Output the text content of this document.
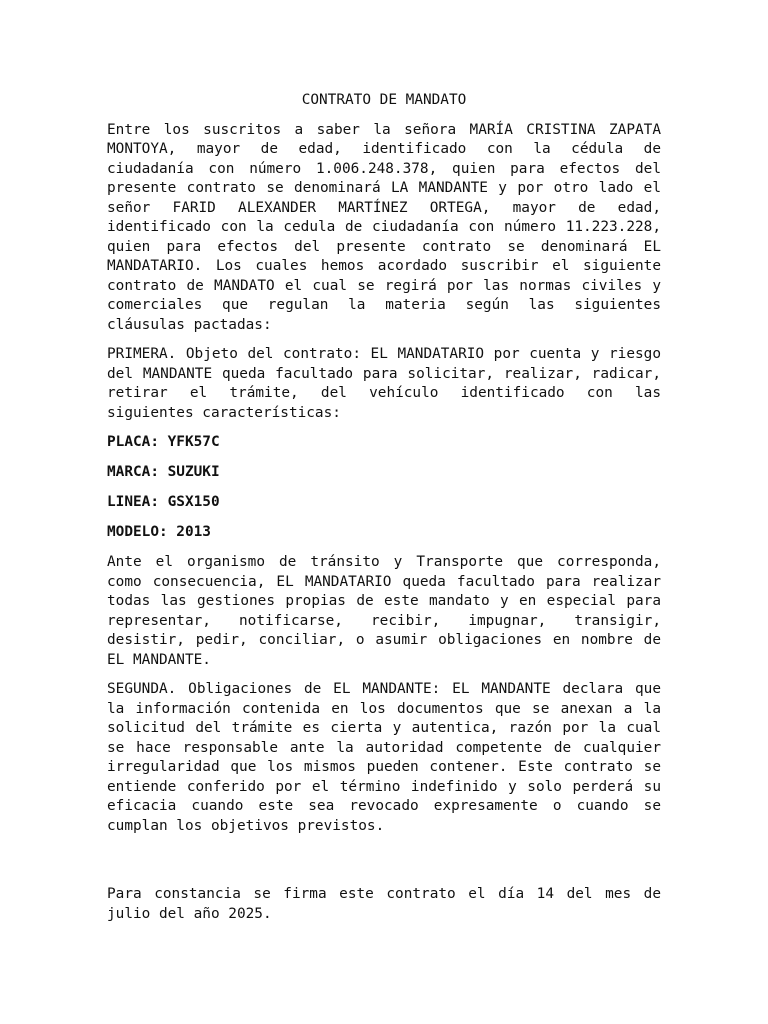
CONTRATO DE MANDATO
Entre los suscritos a saber la señora MARÍA CRISTINA ZAPATA MONTOYA, mayor de edad, identificado con la cédula de ciudadanía con número 1.006.248.378, quien para efectos del presente contrato se denominará LA MANDANTE y por otro lado el señor FARID ALEXANDER MARTÍNEZ ORTEGA, mayor de edad, identificado con la cedula de ciudadanía con número 11.223.228, quien para efectos del presente contrato se denominará EL MANDATARIO. Los cuales hemos acordado suscribir el siguiente contrato de MANDATO el cual se regirá por las normas civiles y comerciales que regulan la materia según las siguientes cláusulas pactadas:
PRIMERA. Objeto del contrato: EL MANDATARIO por cuenta y riesgo del MANDANTE queda facultado para solicitar, realizar, radicar, retirar el trámite, del vehículo identificado con las siguientes características:
PLACA: YFK57C
MARCA: SUZUKI
LINEA: GSX150
MODELO: 2013
Ante el organismo de tránsito y Transporte que corresponda, como consecuencia, EL MANDATARIO queda facultado para realizar todas las gestiones propias de este mandato y en especial para representar, notificarse, recibir, impugnar, transigir, desistir, pedir, conciliar, o asumir obligaciones en nombre de EL MANDANTE.
SEGUNDA. Obligaciones de EL MANDANTE: EL MANDANTE declara que la información contenida en los documentos que se anexan a la solicitud del trámite es cierta y autentica, razón por la cual se hace responsable ante la autoridad competente de cualquier irregularidad que los mismos pueden contener. Este contrato se entiende conferido por el término indefinido y solo perderá su eficacia cuando este sea revocado expresamente o cuando se cumplan los objetivos previstos.
Para constancia se firma este contrato el día 14 del mes de julio del año 2025.
